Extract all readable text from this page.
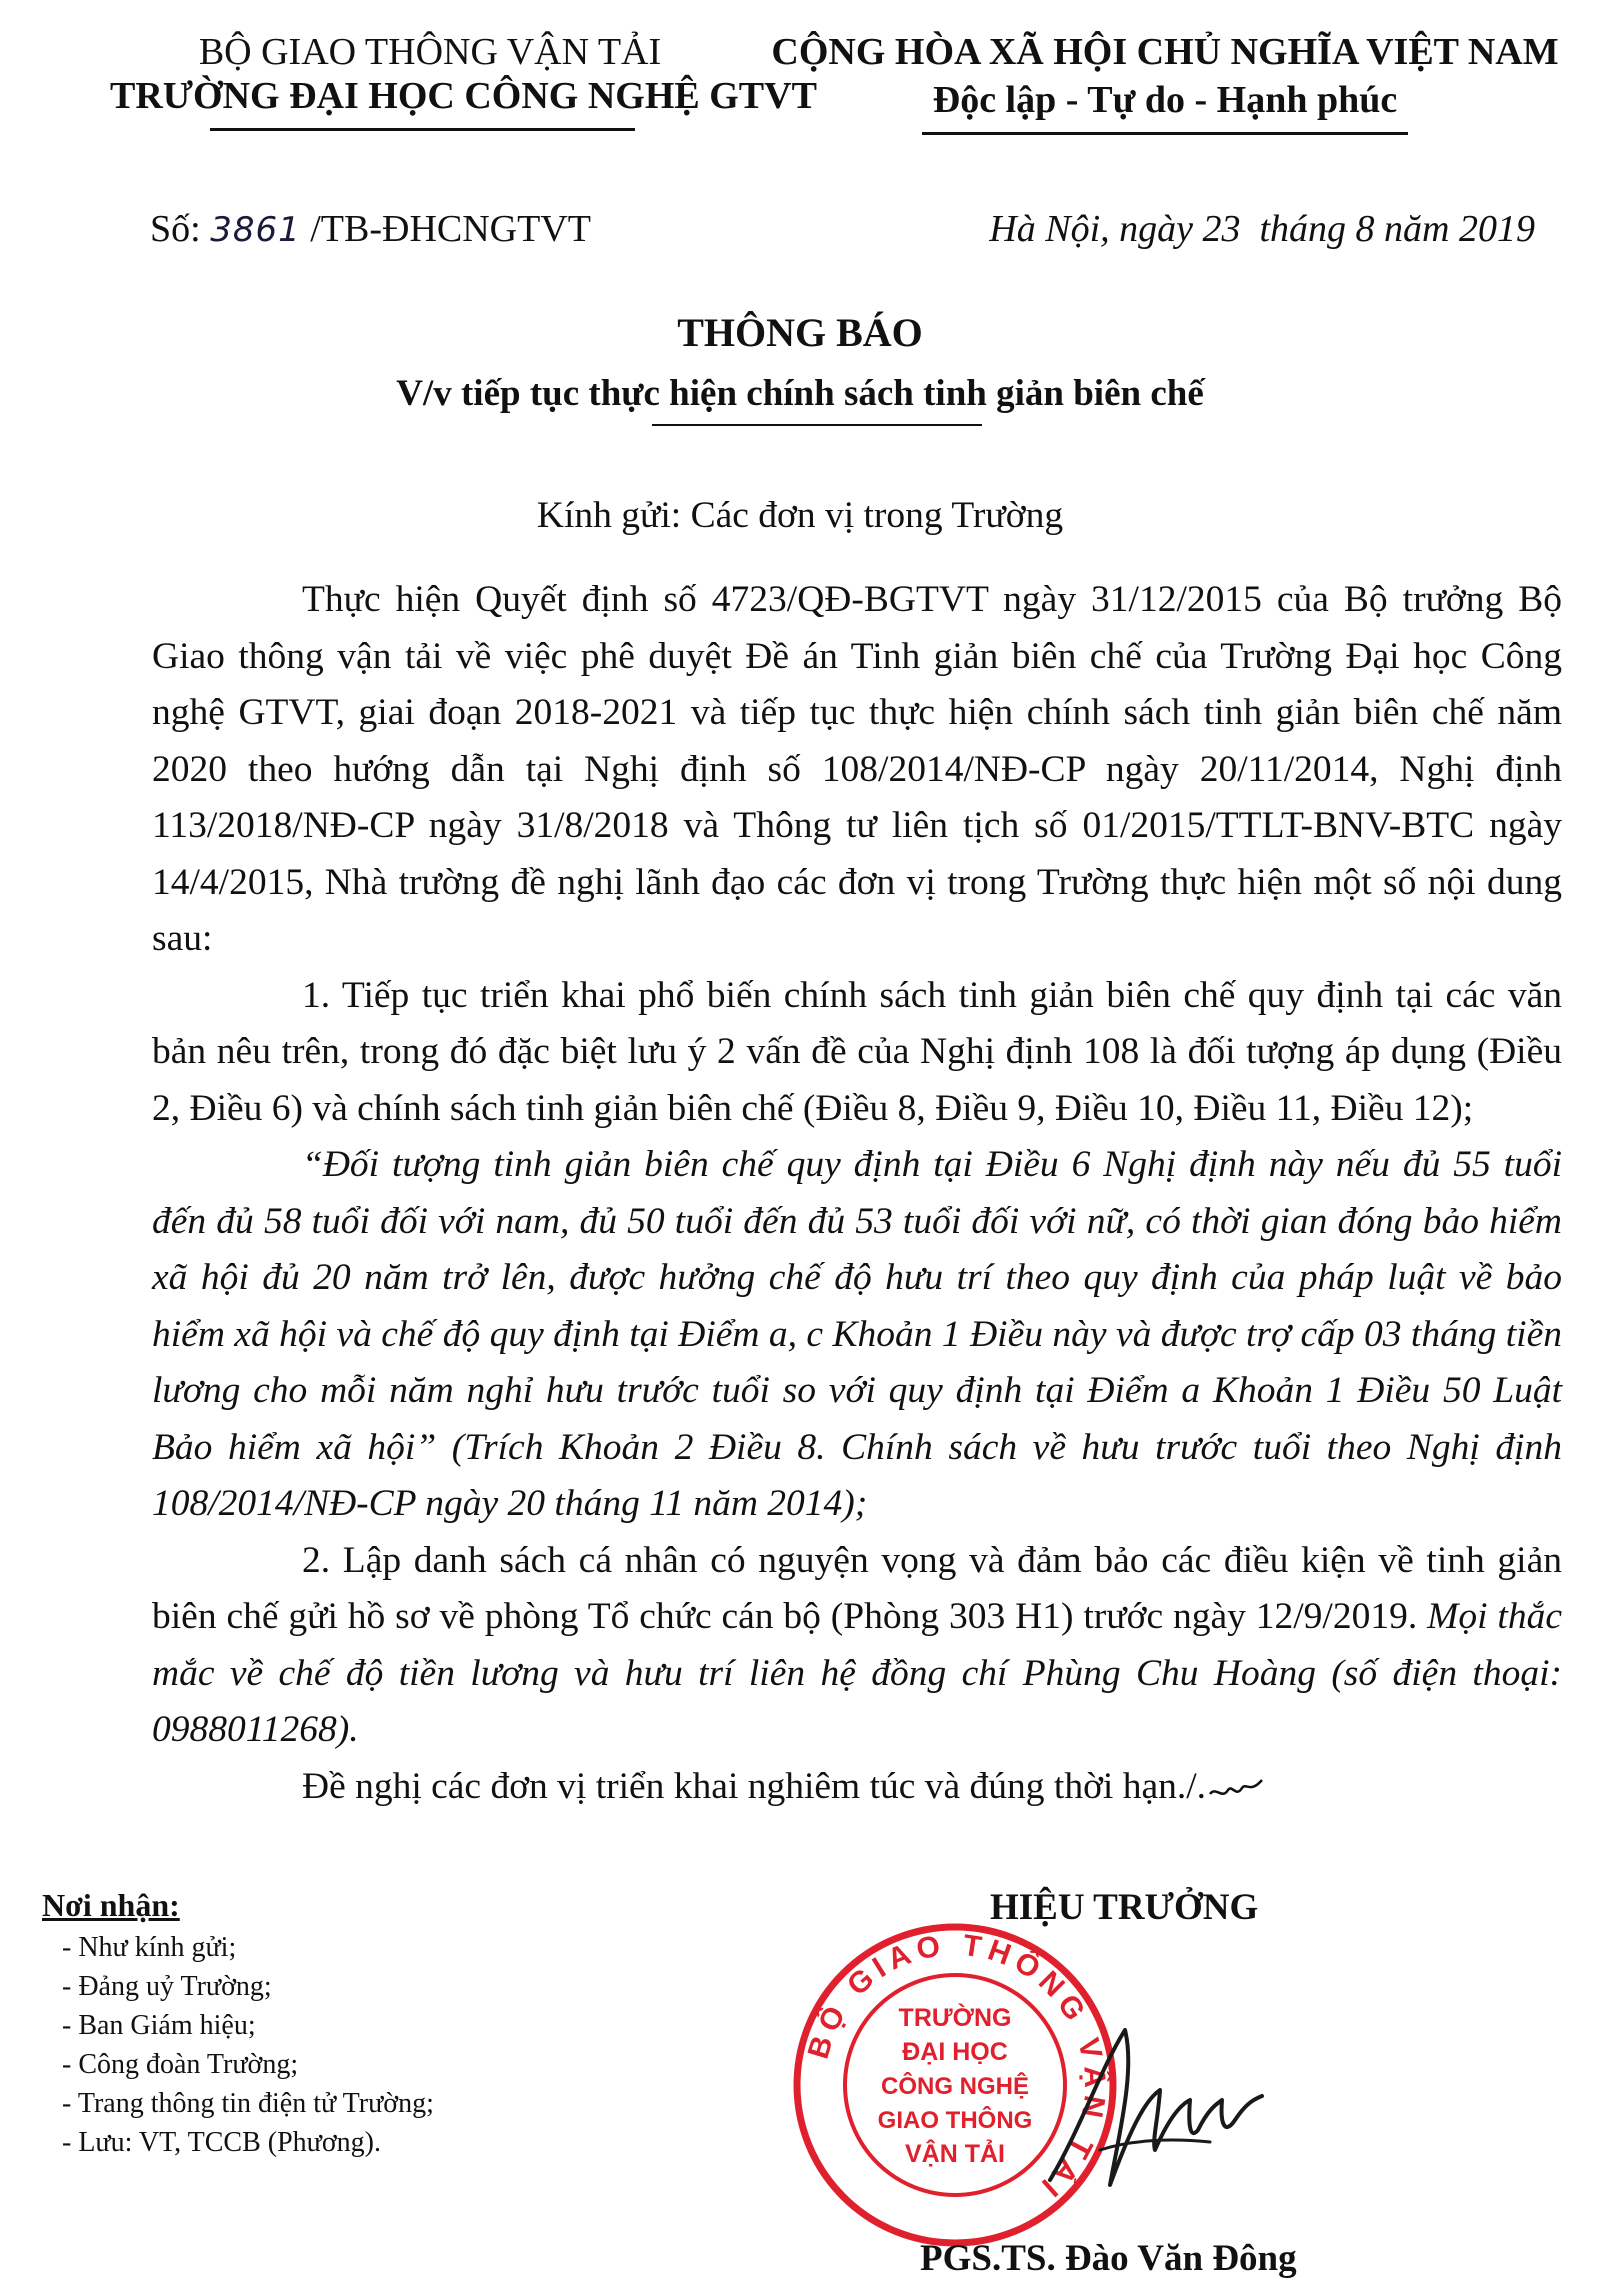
BỘ GIAO THÔNG VẬN TẢI
TRƯỜNG ĐẠI HỌC CÔNG NGHỆ GTVT
CỘNG HÒA XÃ HỘI CHỦ NGHĨA VIỆT NAM
Độc lập - Tự do - Hạnh phúc
Số: 3861 /TB-ĐHCNGTVT	Hà Nội, ngày 23  tháng 8 năm 2019
THÔNG BÁO
V/v tiếp tục thực hiện chính sách tinh giản biên chế
Kính gửi: Các đơn vị trong Trường

Thực hiện Quyết định số 4723/QĐ-BGTVT ngày 31/12/2015 của Bộ trưởng Bộ Giao thông vận tải về việc phê duyệt Đề án Tinh giản biên chế của Trường Đại học Công nghệ GTVT, giai đoạn 2018-2021 và tiếp tục thực hiện chính sách tinh giản biên chế năm 2020 theo hướng dẫn tại Nghị định số 108/2014/NĐ-CP ngày 20/11/2014, Nghị định 113/2018/NĐ-CP ngày 31/8/2018 và Thông tư liên tịch số 01/2015/TTLT-BNV-BTC ngày 14/4/2015, Nhà trường đề nghị lãnh đạo các đơn vị trong Trường thực hiện một số nội dung sau:

1. Tiếp tục triển khai phổ biến chính sách tinh giản biên chế quy định tại các văn bản nêu trên, trong đó đặc biệt lưu ý 2 vấn đề của Nghị định 108 là đối tượng áp dụng (Điều 2, Điều 6) và chính sách tinh giản biên chế (Điều 8, Điều 9, Điều 10, Điều 11, Điều 12);

“Đối tượng tinh giản biên chế quy định tại Điều 6 Nghị định này nếu đủ 55 tuổi đến đủ 58 tuổi đối với nam, đủ 50 tuổi đến đủ 53 tuổi đối với nữ, có thời gian đóng bảo hiểm xã hội đủ 20 năm trở lên, được hưởng chế độ hưu trí theo quy định của pháp luật về bảo hiểm xã hội và chế độ quy định tại Điểm a, c Khoản 1 Điều này và được trợ cấp 03 tháng tiền lương cho mỗi năm nghỉ hưu trước tuổi so với quy định tại Điểm a Khoản 1 Điều 50 Luật Bảo hiểm xã hội” (Trích Khoản 2 Điều 8. Chính sách về hưu trước tuổi theo Nghị định 108/2014/NĐ-CP ngày 20 tháng 11 năm 2014);

2. Lập danh sách cá nhân có nguyện vọng và đảm bảo các điều kiện về tinh giản biên chế gửi hồ sơ về phòng Tổ chức cán bộ (Phòng 303 H1) trước ngày 12/9/2019. Mọi thắc mắc về chế độ tiền lương và hưu trí liên hệ đồng chí Phùng Chu Hoàng (số điện thoại: 0988011268).

Đề nghị các đơn vị triển khai nghiêm túc và đúng thời hạn./.

Nơi nhận:
- Như kính gửi;
- Đảng uỷ Trường;
- Ban Giám hiệu;
- Công đoàn Trường;
- Trang thông tin điện tử Trường;
- Lưu: VT, TCCB (Phương).
HIỆU TRƯỞNG
BỘ GIAO THÔNG VẬN TẢI
TRƯỜNG
ĐẠI HỌC
CÔNG NGHỆ
GIAO THÔNG
VẬN TẢI
PGS.TS. Đào Văn Đông
